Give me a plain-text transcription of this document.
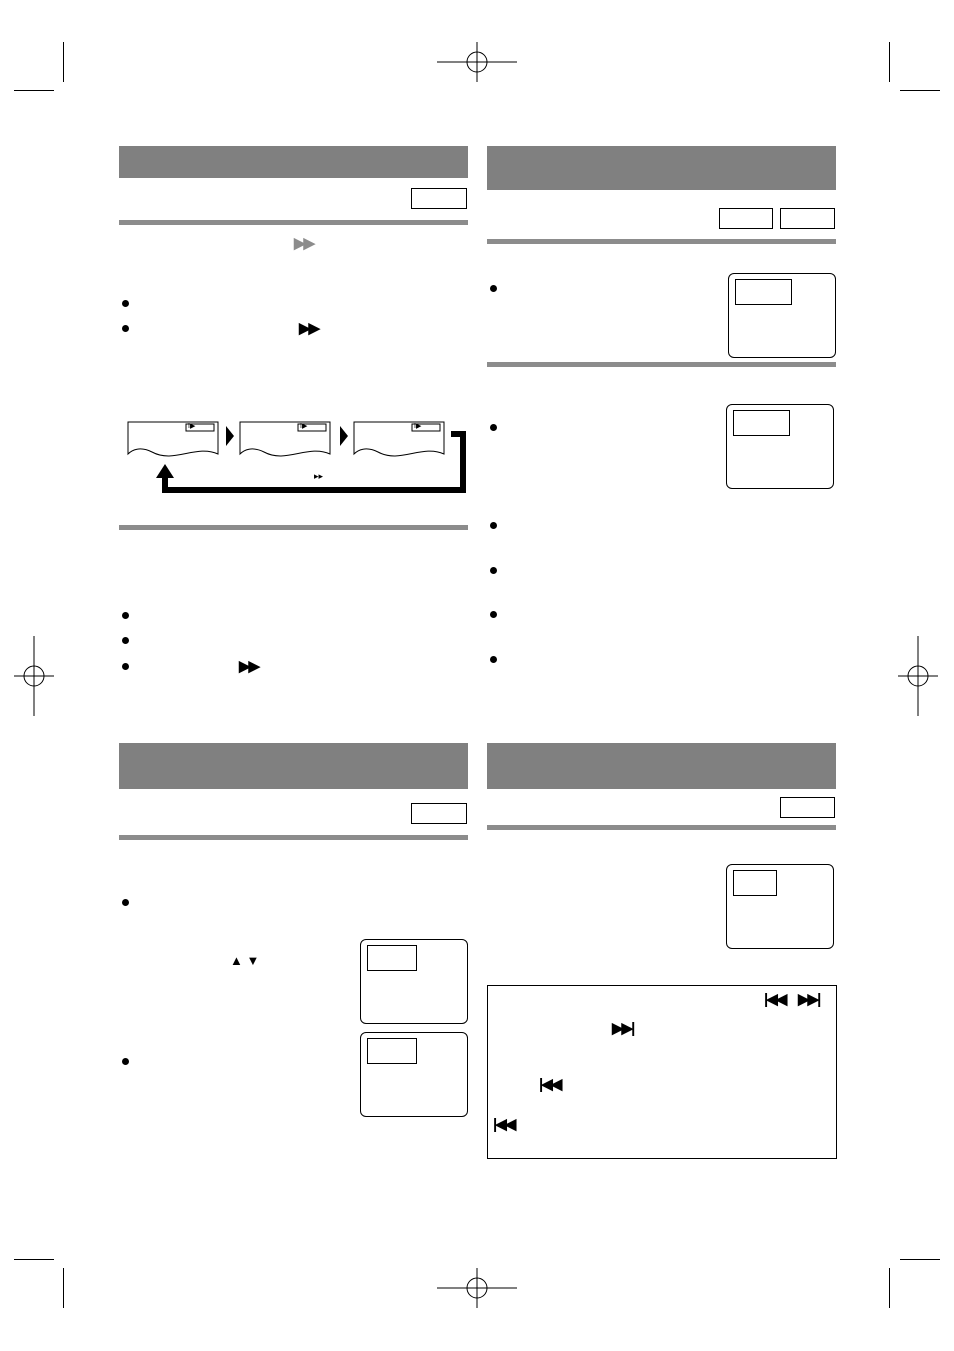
▶▶
▶▶
I▶	I▶	I▶
▸▸
▶▶
▲ ▼
|◀◀ ▶▶|
▶▶|
|◀◀
|◀◀
